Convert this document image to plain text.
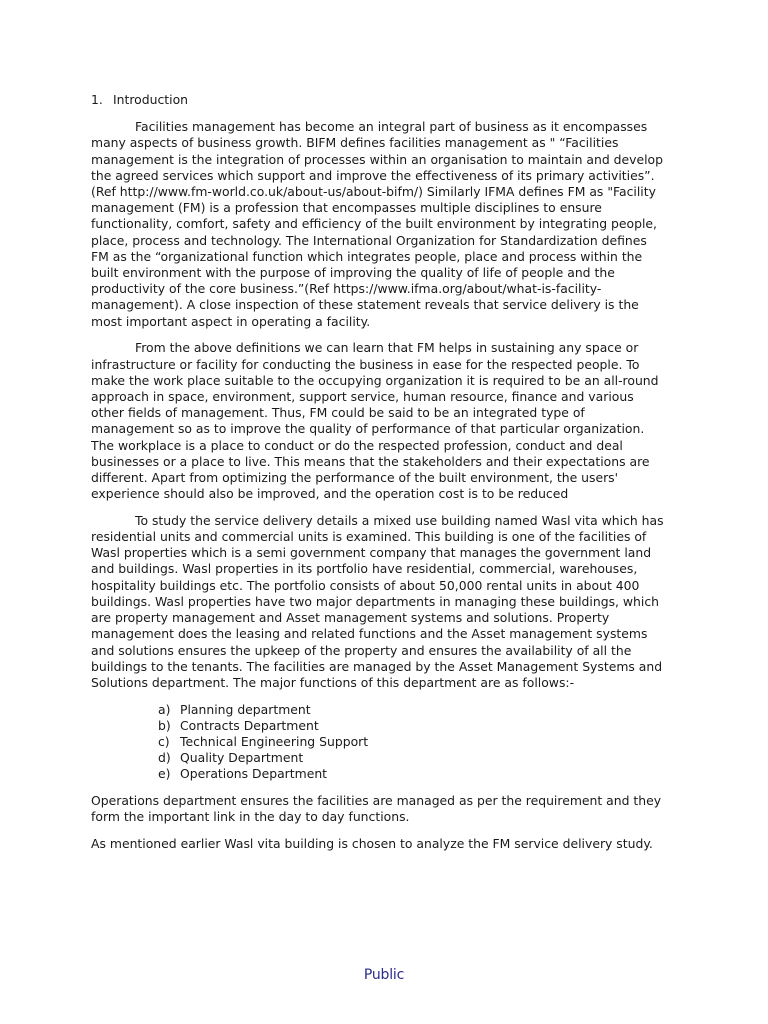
1. Introduction

Facilities management has become an integral part of business as it encompasses
many aspects of business growth. BIFM defines facilities management as " “Facilities
management is the integration of processes within an organisation to maintain and develop
the agreed services which support and improve the effectiveness of its primary activities”.
(Ref http://www.fm-world.co.uk/about-us/about-bifm/) Similarly IFMA defines FM as "Facility
management (FM) is a profession that encompasses multiple disciplines to ensure
functionality, comfort, safety and efficiency of the built environment by integrating people,
place, process and technology. The International Organization for Standardization defines
FM as the “organizational function which integrates people, place and process within the
built environment with the purpose of improving the quality of life of people and the
productivity of the core business.”(Ref https://www.ifma.org/about/what-is-facility-
management). A close inspection of these statement reveals that service delivery is the
most important aspect in operating a facility.

From the above definitions we can learn that FM helps in sustaining any space or
infrastructure or facility for conducting the business in ease for the respected people. To
make the work place suitable to the occupying organization it is required to be an all-round
approach in space, environment, support service, human resource, finance and various
other fields of management. Thus, FM could be said to be an integrated type of
management so as to improve the quality of performance of that particular organization.
The workplace is a place to conduct or do the respected profession, conduct and deal
businesses or a place to live. This means that the stakeholders and their expectations are
different. Apart from optimizing the performance of the built environment, the users'
experience should also be improved, and the operation cost is to be reduced

To study the service delivery details a mixed use building named Wasl vita which has
residential units and commercial units is examined. This building is one of the facilities of
Wasl properties which is a semi government company that manages the government land
and buildings. Wasl properties in its portfolio have residential, commercial, warehouses,
hospitality buildings etc. The portfolio consists of about 50,000 rental units in about 400
buildings. Wasl properties have two major departments in managing these buildings, which
are property management and Asset management systems and solutions. Property
management does the leasing and related functions and the Asset management systems
and solutions ensures the upkeep of the property and ensures the availability of all the
buildings to the tenants. The facilities are managed by the Asset Management Systems and
Solutions department. The major functions of this department are as follows:-

a) Planning department
b) Contracts Department
c) Technical Engineering Support
d) Quality Department
e) Operations Department

Operations department ensures the facilities are managed as per the requirement and they
form the important link in the day to day functions.

As mentioned earlier Wasl vita building is chosen to analyze the FM service delivery study.

Public
